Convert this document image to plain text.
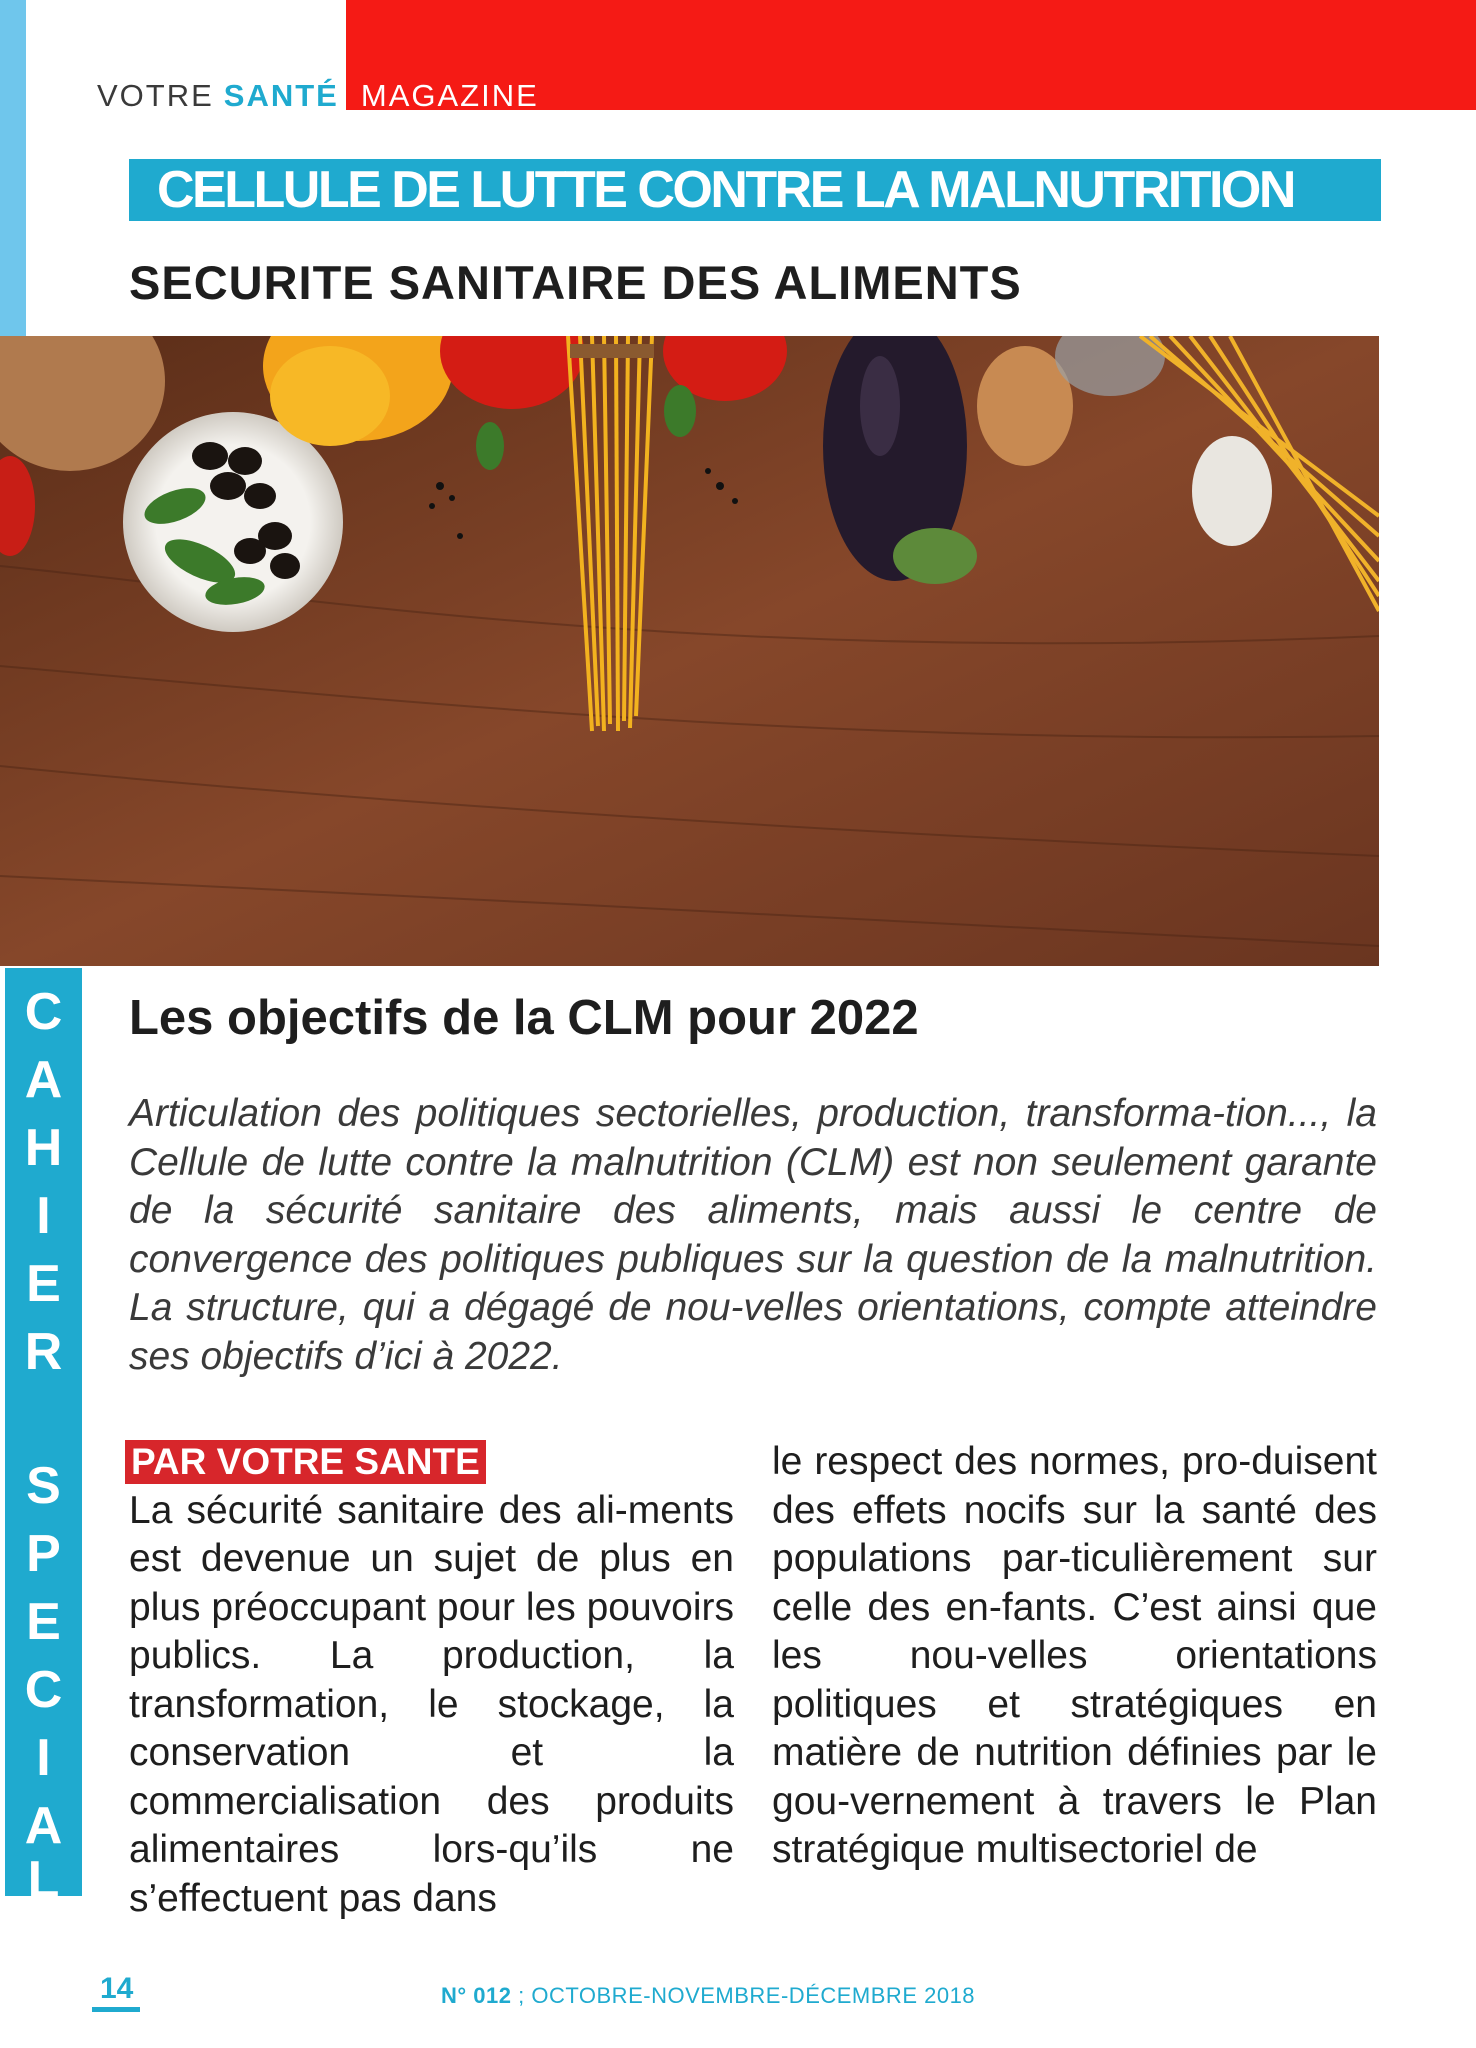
VOTRE SANTÉ MAGAZINE
CELLULE DE LUTTE CONTRE LA MALNUTRITION
SECURITE SANITAIRE DES ALIMENTS
C
A
H
I
E
R
S
P
E
C
I
A
L
Les objectifs de la CLM pour 2022
Articulation des politiques sectorielles, production, transforma-tion..., la Cellule de lutte contre la malnutrition (CLM) est non seulement garante de la sécurité sanitaire des aliments, mais aussi le centre de convergence des politiques publiques sur la question de la malnutrition. La structure, qui a dégagé de nou-velles orientations, compte atteindre ses objectifs d’ici à 2022.
PAR VOTRE SANTE
La sécurité sanitaire des ali-ments est devenue un sujet de plus en plus préoccupant pour les pouvoirs publics. La production, la transformation, le stockage, la conservation et la commercialisation des produits alimentaires lors-qu’ils ne s’effectuent pas dans
le respect des normes, pro-duisent des effets nocifs sur la santé des populations par-ticulièrement sur celle des en-fants. C’est ainsi que les nou-velles orientations politiques et stratégiques en matière de nutrition définies par le gou-vernement à travers le Plan stratégique multisectoriel de
14	N° 012 ; OCTOBRE-NOVEMBRE-DÉCEMBRE 2018
